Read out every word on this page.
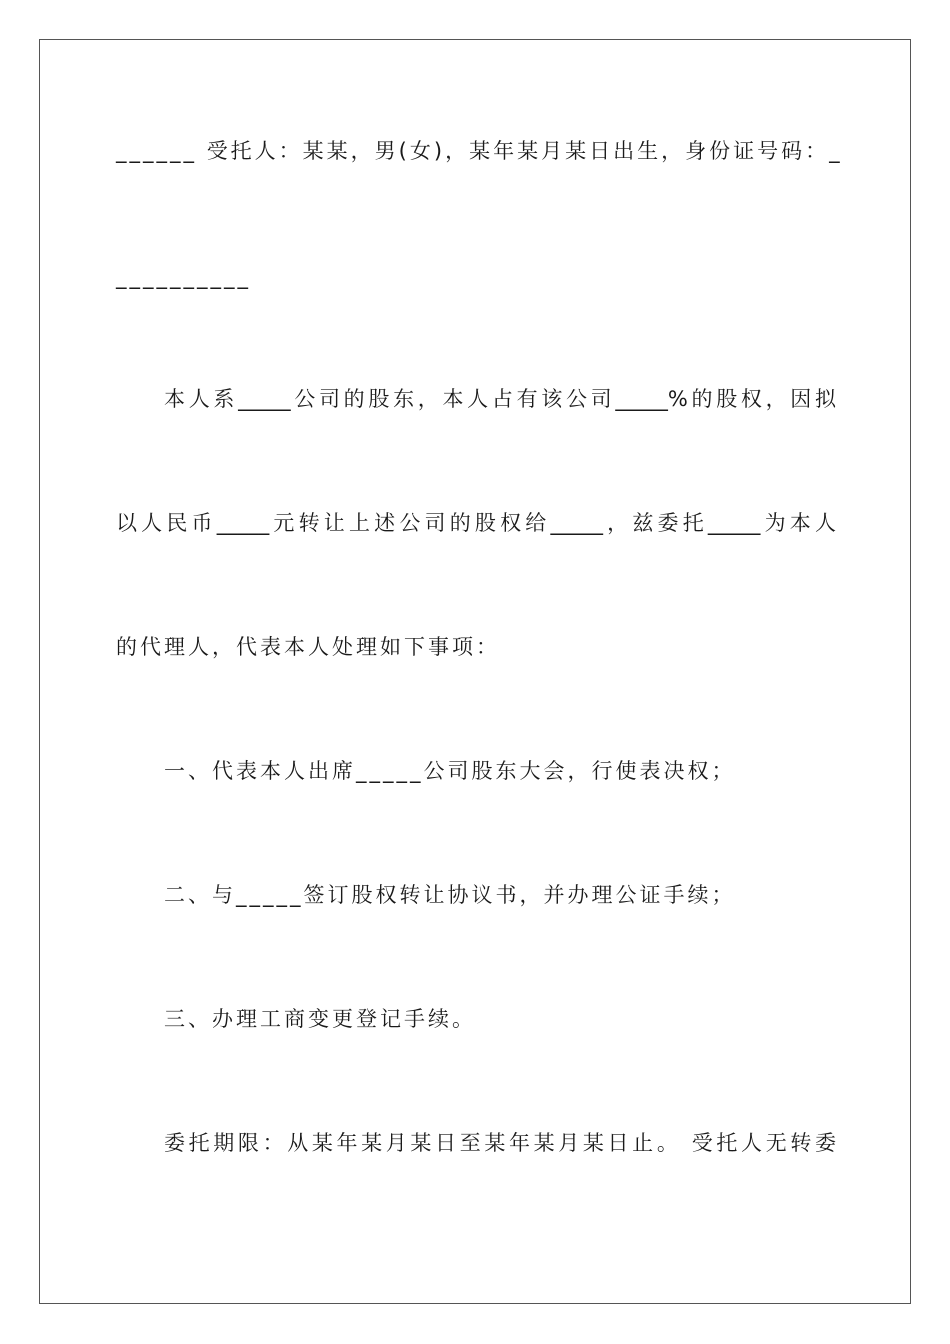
______ 受托人：某某，男(女)，某年某月某日出生，身份证号码：_
__________
本人系_____公司的股东，本人占有该公司_____%的股权，因拟
以人民币_____元转让上述公司的股权给_____，兹委托_____为本人
的代理人，代表本人处理如下事项：
一、代表本人出席_____公司股东大会，行使表决权；
二、与_____签订股权转让协议书，并办理公证手续；
三、办理工商变更登记手续。
委托期限：从某年某月某日至某年某月某日止。 受托人无转委
